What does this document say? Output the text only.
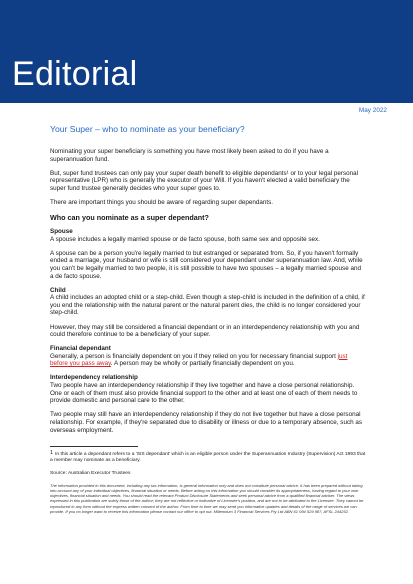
Editorial
May 2022
Your Super – who to nominate as your beneficiary?

Nominating your super beneficiary is something you have most likely been asked to do if you have a superannuation fund.

But, super fund trustees can only pay your super death benefit to eligible dependants¹ or to your legal personal representative (LPR) who is generally the executor of your Will. If you haven't elected a valid beneficiary the super fund trustee generally decides who your super goes to.

There are important things you should be aware of regarding super dependants.

Who can you nominate as a super dependant?
Spouse

A spouse includes a legally married spouse or de facto spouse, both same sex and opposite sex.

A spouse can be a person you're legally married to but estranged or separated from. So, if you haven't formally ended a marriage, your husband or wife is still considered your dependant under superannuation law. And, while you can't be legally married to two people, it is still possible to have two spouses – a legally married spouse and a de facto spouse.

Child

A child includes an adopted child or a step-child. Even though a step-child is included in the definition of a child, if you end the relationship with the natural parent or the natural parent dies, the child is no longer considered your step-child.

However, they may still be considered a financial dependant or in an interdependency relationship with you and could therefore continue to be a beneficiary of your super.

Financial dependant

Generally, a person is financially dependent on you if they relied on you for necessary financial support just before you pass away. A person may be wholly or partially financially dependent on you.

Interdependency relationship

Two people have an interdependency relationship if they live together and have a close personal relationship. One or each of them must also provide financial support to the other and at least one of each of them needs to provide domestic and personal care to the other.

Two people may still have an interdependency relationship if they do not live together but have a close personal relationship. For example, if they're separated due to disability or illness or due to a temporary absence, such as overseas employment.

$^1$ In this article a dependant refers to a 'SIS dependant' which is an eligible person under the Superannuation Industry (Supervision) Act 1993 that a member may nominate as a beneficiary.

Source: Australian Executor Trustees

The information provided in this document, including any tax information, is general information only and does not constitute personal advice. It has been prepared without taking into account any of your individual objectives, financial situation or needs. Before acting on this information you should consider its appropriateness, having regard to your own objectives, financial situation and needs. You should read the relevant Product Disclosure Statements and seek personal advice from a qualified financial adviser. The views expressed in this publication are solely those of the author; they are not reflective or indicative of Licensee's position, and are not to be attributed to the Licensee. They cannot be reproduced in any form without the express written consent of the author. From time to time we may send you informative updates and details of the range of services we can provide. If you no longer want to receive this information please contact our office to opt out. Millennium 3 Financial Services Pty Ltd ABN 61 094 529 987, AFSL 244252.
